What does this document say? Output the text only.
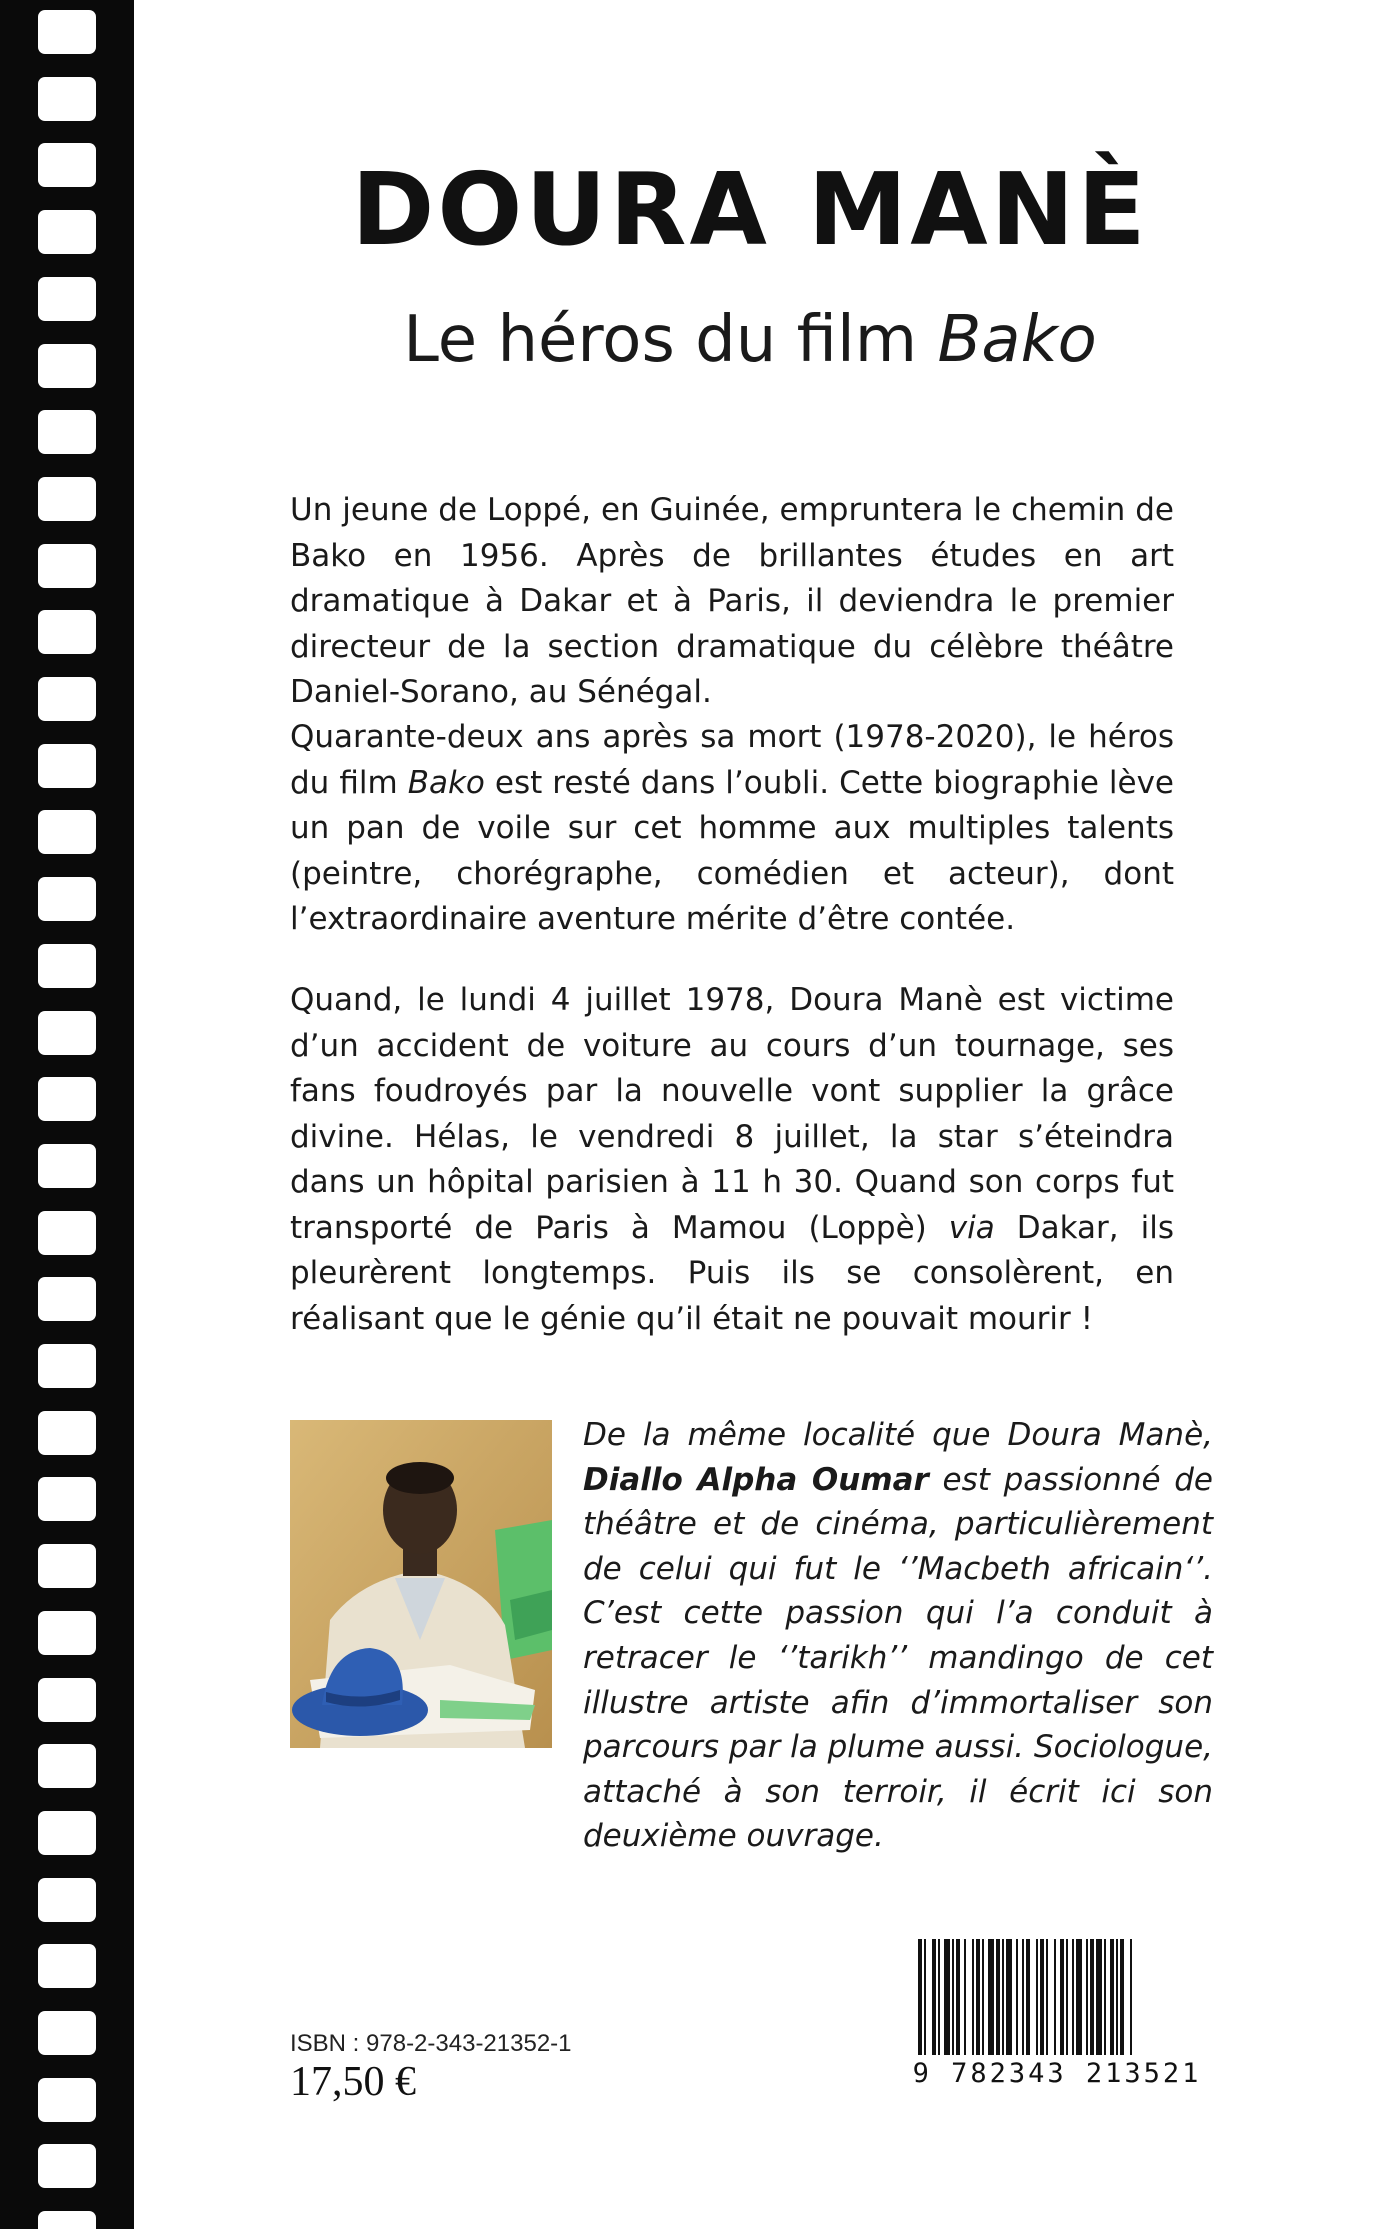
DOURA MANÈ
Le héros du film Bako

Un jeune de Loppé, en Guinée, empruntera le chemin de Bako en 1956. Après de brillantes études en art dramatique à Dakar et à Paris, il deviendra le premier directeur de la section dramatique du célèbre théâtre Daniel-Sorano, au Sénégal.

Quarante-deux ans après sa mort (1978-2020), le héros du film Bako est resté dans l’oubli. Cette biographie lève un pan de voile sur cet homme aux multiples talents (peintre, chorégraphe, comédien et acteur), dont l’extraordinaire aventure mérite d’être contée.

Quand, le lundi 4 juillet 1978, Doura Manè est victime d’un accident de voiture au cours d’un tournage, ses fans foudroyés par la nouvelle vont supplier la grâce divine. Hélas, le vendredi 8 juillet, la star s’éteindra dans un hôpital parisien à 11 h 30. Quand son corps fut transporté de Paris à Mamou (Loppè) via Dakar, ils pleurèrent longtemps. Puis ils se consolèrent, en réalisant que le génie qu’il était ne pouvait mourir !

De la même localité que Doura Manè, Diallo Alpha Oumar est passionné de théâtre et de cinéma, particulièrement de celui qui fut le ‘’Macbeth africain‘’. C’est cette passion qui l’a conduit à retracer le ‘’tarikh’’ mandingo de cet illustre artiste afin d’immortaliser son parcours par la plume aussi. Sociologue, attaché à son terroir, il écrit ici son deuxième ouvrage.

ISBN : 978-2-343-21352-1
17,50 €	9 782343 213521
